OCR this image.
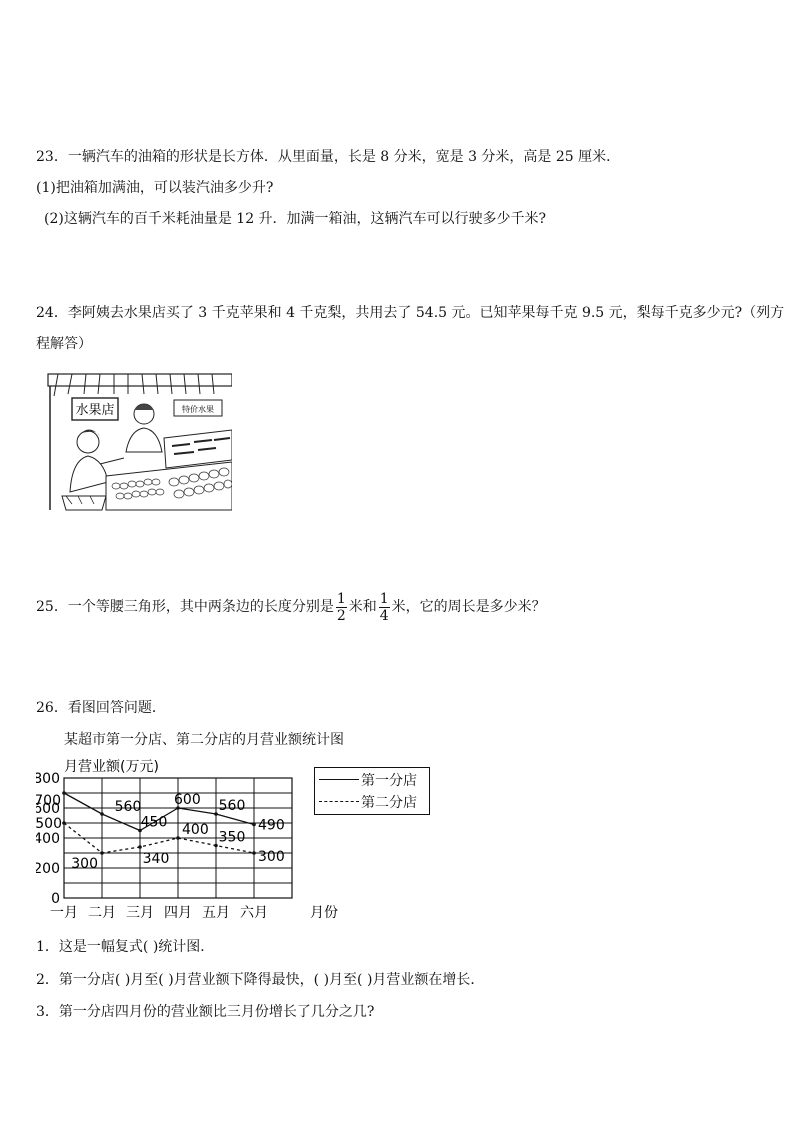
23．一辆汽车的油箱的形状是长方体．从里面量，长是 8 分米，宽是 3 分米，高是 25 厘米．
(1)把油箱加满油，可以装汽油多少升?
(2)这辆汽车的百千米耗油量是 12 升．加满一箱油，这辆汽车可以行驶多少千米?
24．李阿姨去水果店买了 3 千克苹果和 4 千克梨，共用去了 54.5 元。已知苹果每千克 9.5 元，梨每千克多少元?（列方
程解答）
水果店	特价水果
25．一个等腰三角形，其中两条边的长度分别是 $\frac{1}{2}$ 米和 $\frac{1}{4}$ 米，它的周长是多少米？
26．看图回答问题．
某超市第一分店、第二分店的月营业额统计图
0
200
400
600
800
月营业额(万元)
一月 二月 三月 四月 五月 六月	月份
700	560
450
600 560
490
500
300	340
400 350
300
第一分店
第二分店
1．这是一幅复式( )统计图．
2．第一分店( )月至( )月营业额下降得最快，( )月至( )月营业额在增长．
3．第一分店四月份的营业额比三月份增长了几分之几?
